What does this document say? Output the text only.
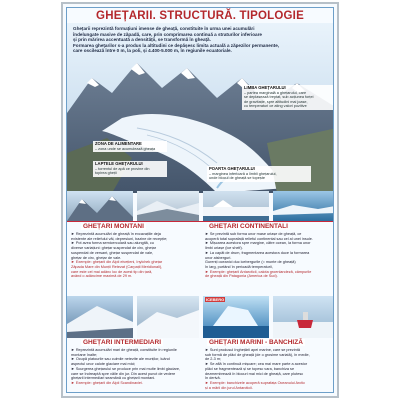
GHEȚARII. STRUCTURĂ. TIPOLOGIE
Ghețarii reprezintă formațiuni imense de gheață, constituite în urma unei acumulări
îndelungate masive de zăpadă, care, prin comprimarea continuă a straturilor inferioare
și prin mărirea accentuată a densității, se transformă în gheață.
Formarea ghețarilor s-a produs la altitudini ce depășesc limita actuală a zăpezilor permanente,
care oscilează între 0 m, la poli, și 4.400-5.000 m, în regiunile ecuatoriale.
LIMBA GHEȚARULUI
– partea marginală a ghețarului, care
se deplasează treptat, sub acțiunea forței
de gravitație, spre altitudini mai joase,
cu temperaturi ce ating valori pozitive
ZONA DE ALIMENTARE
– zona unde se acumulează gheața
LAPTELE GHEȚARULUI
– torrentul de apă ce provine din
topirea gheții
POARTA GHEȚARULUI
– marginea inferioară a limbii ghețarului,
unde blocul de gheață se topește
GHEȚARI MONTANI
► Reprezintă acumulări de gheață în excavațiile deja
existente ale reliefului văi, depresiuni, bazine de recepție;
► Pot avea forma semicerculară sau alungită, cu
diverse variațiuni: ghețar suspendat de circ, ghețar
suspendat de versant, ghețar suspendat de vale,
ghețar de circ, ghețar de vale.
► Exemple: ghețarii din Alpii elvețieni, Inylchek ghețar
Zăpada Mare din Munții Retezat (Carpații Meridionali),
care este cel mai adânc loc de acest tip din țară,
având o adâncime maximă de 29 m.
GHEȚARI CONTINENTALI
► Se prezintă sub forma unor mase uriașe de gheață, ce
acoperă total suprafață relieful continental sau cel al unei insule.
► Mișcarea acestora spre margine, către ocean, la forma unor
limbi uriașe (ice shelf).
► La capăt de drum, fragmentarea acestora duce la formarea
unor aisberguri.
Gurenți oceanici duc icebergurile (= munte de gheață)
în larg, purtând în perioadă temperaturii,
► Exemple: ghețarii Antarcticii, calota groenlandeză, câmpurile
de gheață din Patagonia (America de Sud).
ICEBERG
GHEȚARI INTERMEDIARI
► Reprezintă acumulări mari de gheață, constituite în regiunile
montane înalte;
► Ocupă platourile sau culmile netezite ale munților, luând
aspectul unor calote glaciare mai mici;
► Scurgerea ghețarului se produce prin mai multe limbi glaciare,
care se îndreaptă spre văile din jur. Din acest punct de vedere
ghețarii intermediari seamănă cu ghețarii montani.
► Exemple: ghețarii din Alpii Scandinaviei.
GHEȚARI MARINI - BANCHIZĂ
► Sunt produsul înghețării apei marine, care se prezintă
sub formă de plăci de gheață (de o grosime variată), în medie,
de 2-3 m;
► Se află în continuă mișcare; cea mai mare parte a acestor
plăci se fragmentează și se topesc vara, banchiza se
dezmembrează în blocuri mai mici de gheață, care plutesc
în derivă.
► Exemple: banchizele acoperă suprafața Oceanului Arctic
și a mării din jurul Antarcticii.
